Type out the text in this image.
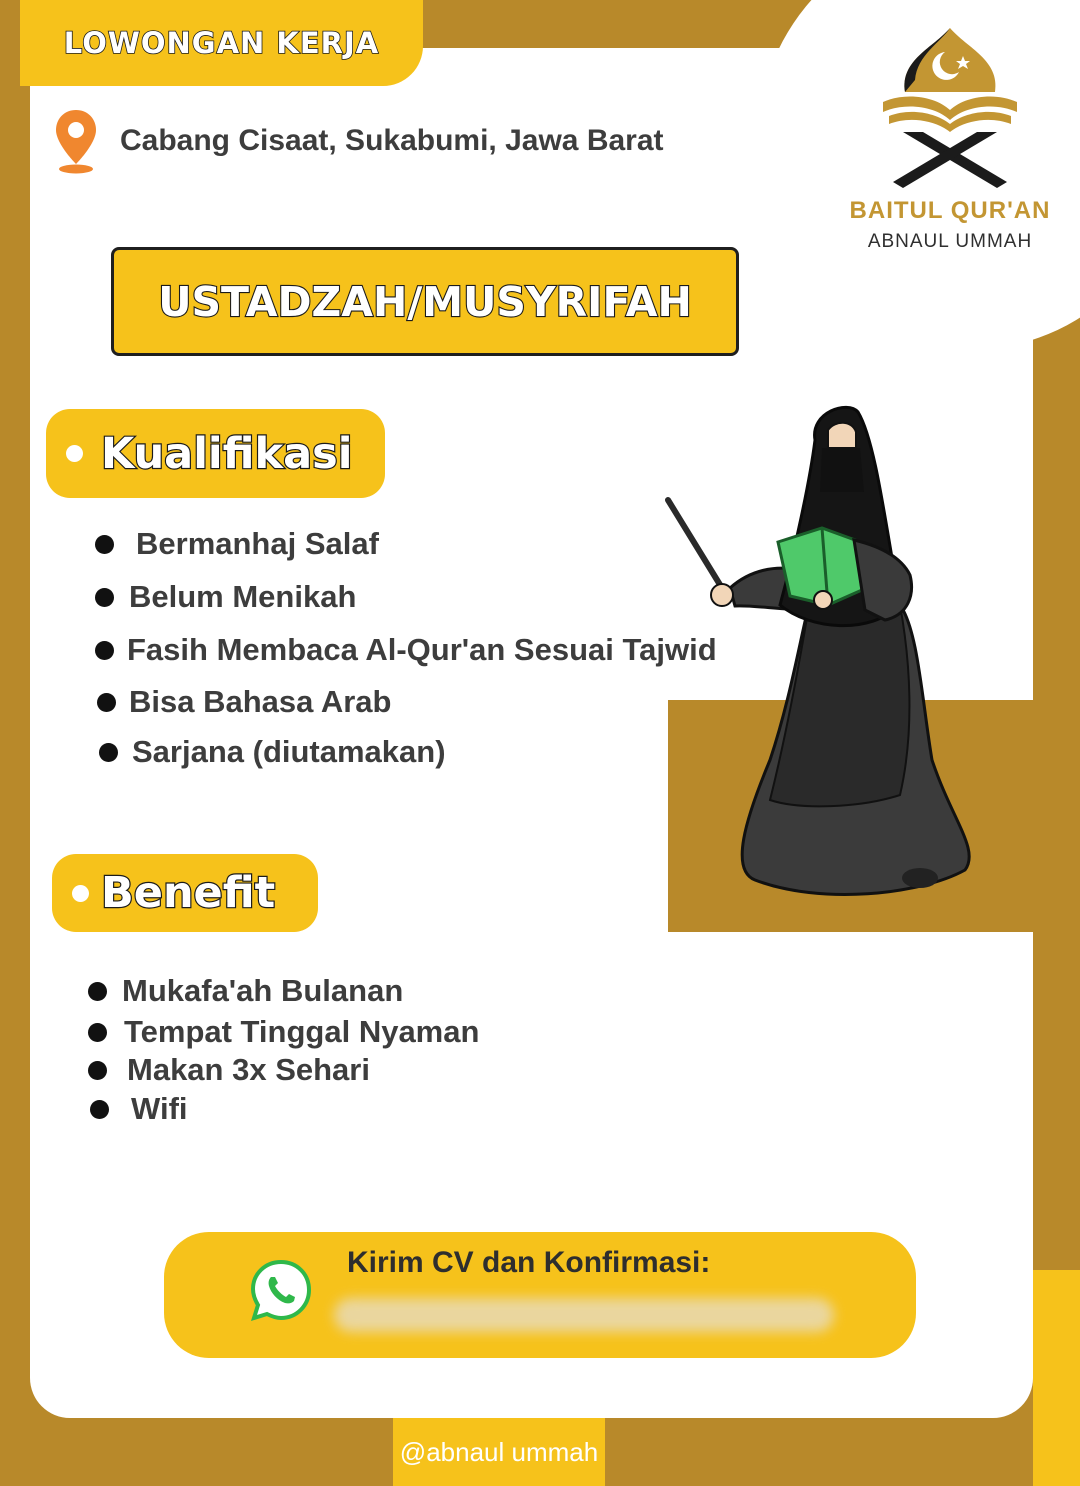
LOWONGAN KERJA
Cabang Cisaat, Sukabumi, Jawa Barat
BAITUL QUR'AN
ABNAUL UMMAH
USTADZAH/MUSYRIFAH
Kualifikasi
Bermanhaj Salaf
Belum Menikah
Fasih Membaca Al-Qur'an Sesuai Tajwid
Bisa Bahasa Arab
Sarjana (diutamakan)
Benefit
Mukafa'ah Bulanan
Tempat Tinggal Nyaman
Makan 3x Sehari
Wifi
Kirim CV dan Konfirmasi:
@abnaul ummah
